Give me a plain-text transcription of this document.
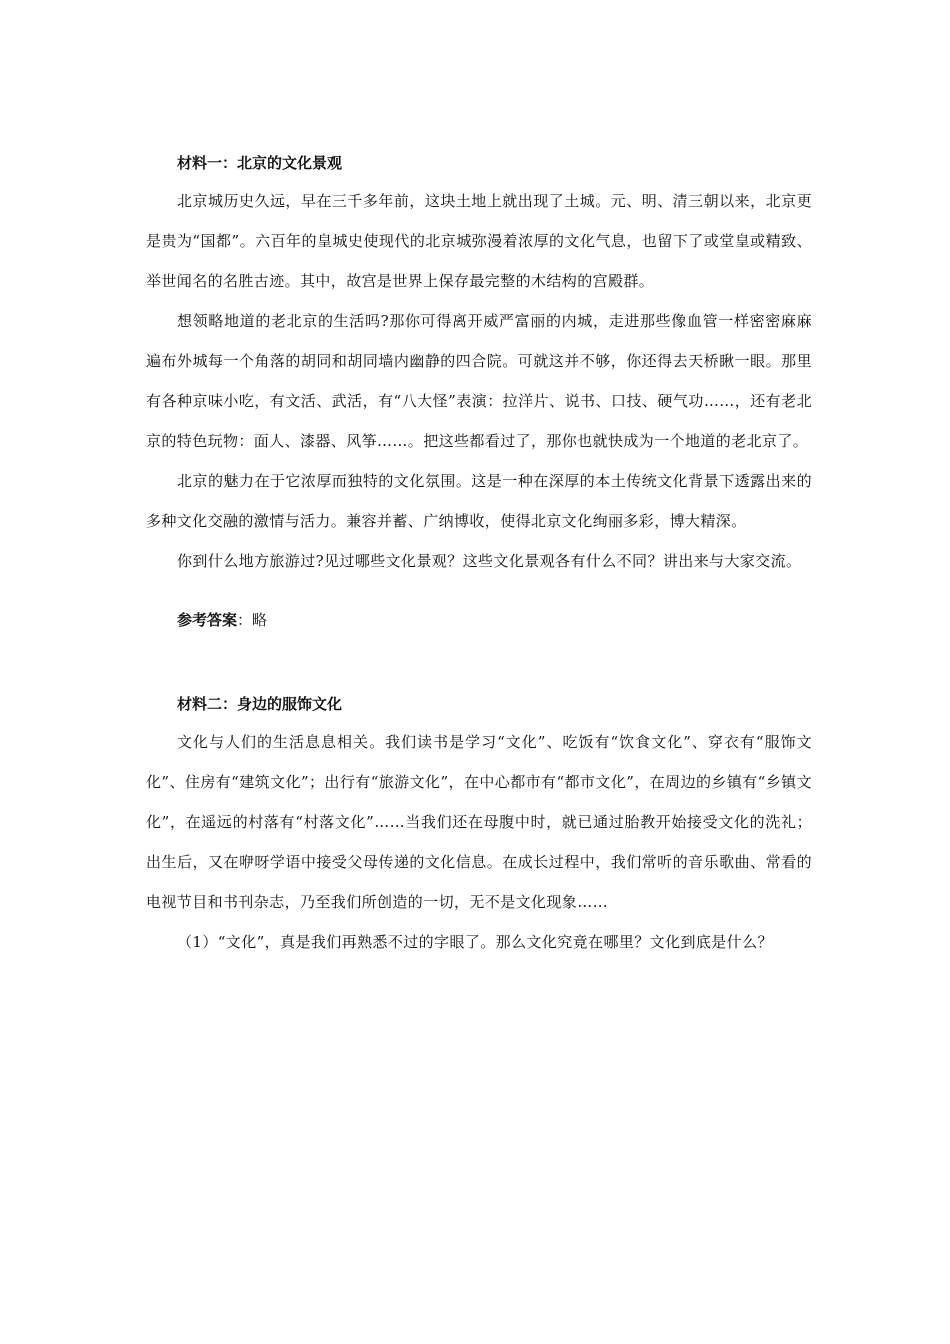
材料一：北京的文化景观

北京城历史久远，早在三千多年前，这块土地上就出现了土城。元、明、清三朝以来，北京更是贵为“国都”。六百年的皇城史使现代的北京城弥漫着浓厚的文化气息，也留下了或堂皇或精致、举世闻名的名胜古迹。其中，故宫是世界上保存最完整的木结构的宫殿群。

想领略地道的老北京的生活吗?那你可得离开威严富丽的内城，走进那些像血管一样密密麻麻遍布外城每一个角落的胡同和胡同墙内幽静的四合院。可就这并不够，你还得去天桥瞅一眼。那里有各种京味小吃，有文活、武活，有“八大怪”表演：拉洋片、说书、口技、硬气功……，还有老北京的特色玩物：面人、漆器、风筝……。把这些都看过了，那你也就快成为一个地道的老北京了。

北京的魅力在于它浓厚而独特的文化氛围。这是一种在深厚的本土传统文化背景下透露出来的多种文化交融的激情与活力。兼容并蓄、广纳博收，使得北京文化绚丽多彩，博大精深。

你到什么地方旅游过?见过哪些文化景观？这些文化景观各有什么不同？讲出来与大家交流。

参考答案：略
材料二：身边的服饰文化

文化与人们的生活息息相关。我们读书是学习“文化”、吃饭有“饮食文化”、穿衣有“服饰文化”、住房有“建筑文化”；出行有“旅游文化”，在中心都市有“都市文化”，在周边的乡镇有“乡镇文化”，在遥远的村落有“村落文化”……当我们还在母腹中时，就已通过胎教开始接受文化的洗礼；出生后，又在咿呀学语中接受父母传递的文化信息。在成长过程中，我们常听的音乐歌曲、常看的电视节目和书刊杂志，乃至我们所创造的一切，无不是文化现象……

（1）“文化”，真是我们再熟悉不过的字眼了。那么文化究竟在哪里？文化到底是什么？
